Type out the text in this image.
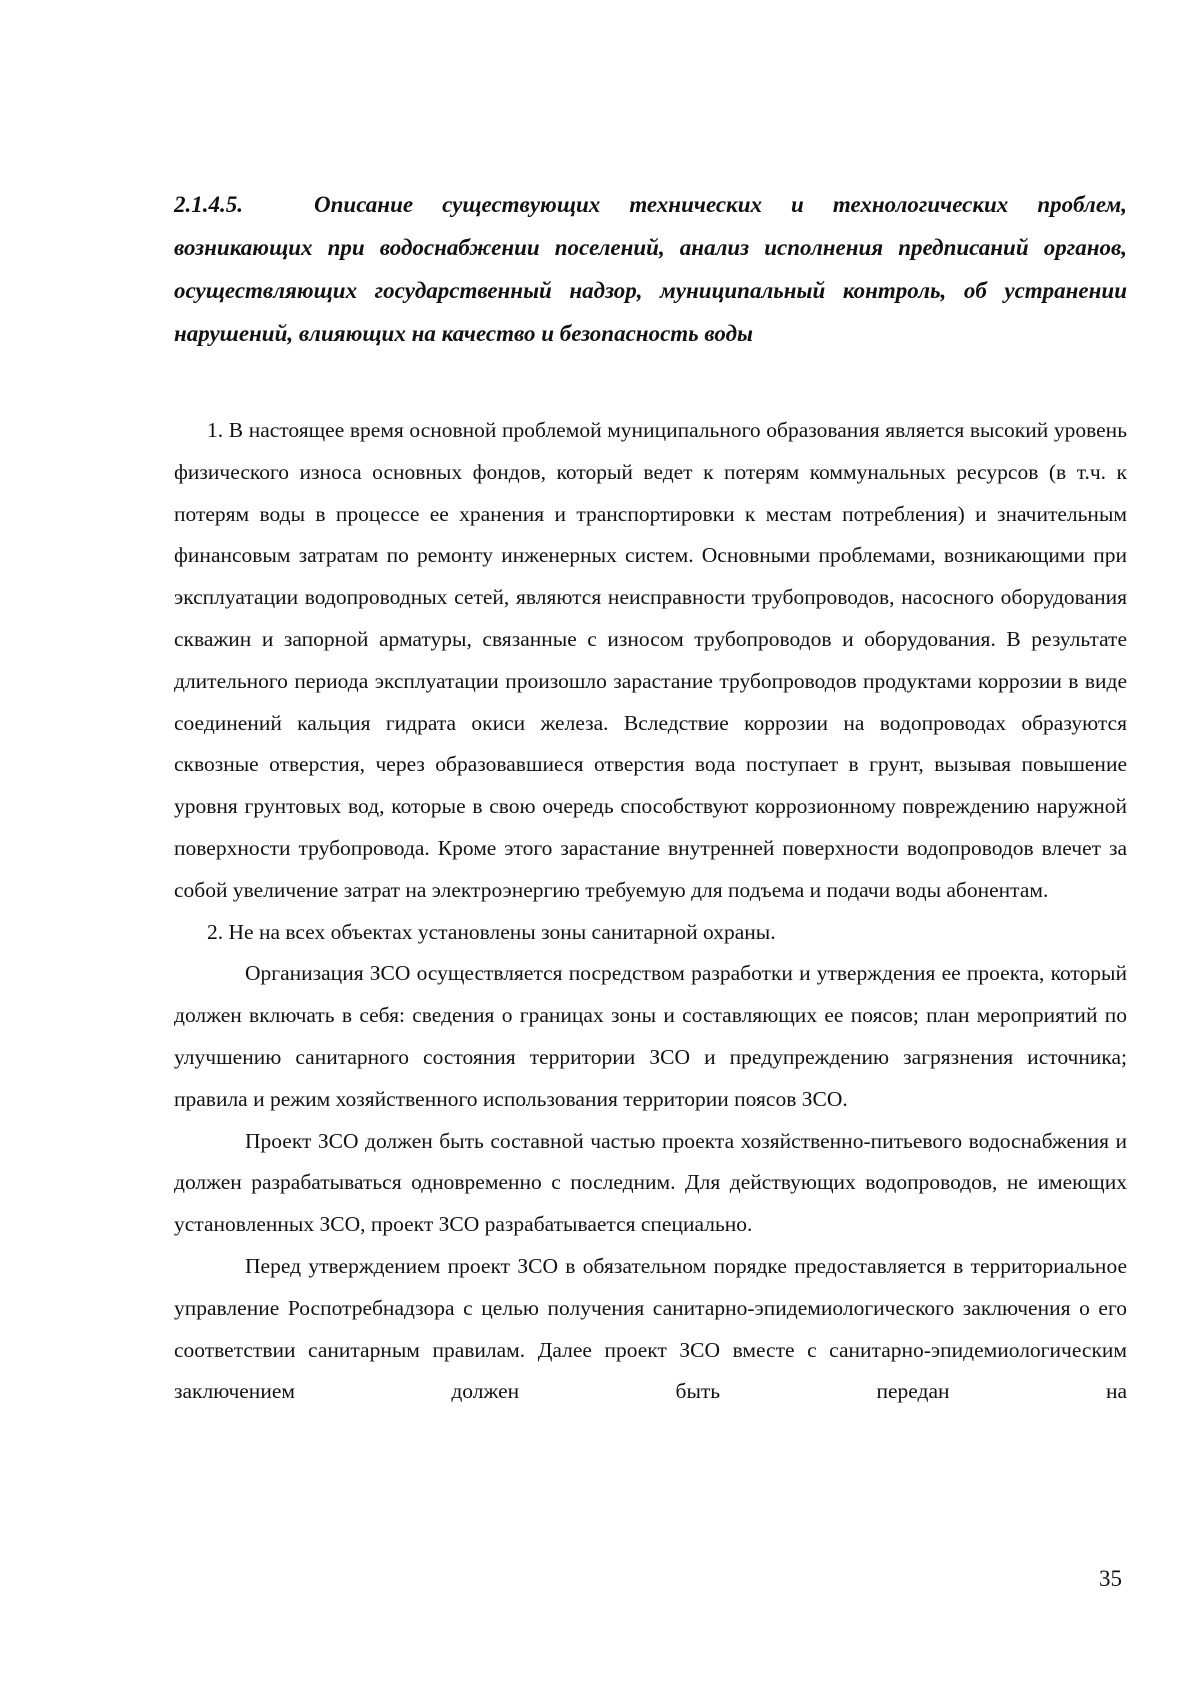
2.1.4.5.	Описание существующих технических и технологических проблем, возникающих при водоснабжении поселений, анализ исполнения предписаний органов, осуществляющих государственный надзор, муниципальный контроль, об устранении нарушений, влияющих на качество и безопасность воды

1. В настоящее время основной проблемой муниципального образования является высокий уровень физического износа основных фондов, который ведет к потерям коммунальных ресурсов (в т.ч. к потерям воды в процессе ее хранения и транспортировки к местам потребления) и значительным финансовым затратам по ремонту инженерных систем. Основными проблемами, возникающими при эксплуатации водопроводных сетей, являются неисправности трубопроводов, насосного оборудования скважин и запорной арматуры, связанные с износом трубопроводов и оборудования. В результате длительного периода эксплуатации произошло зарастание трубопроводов продуктами коррозии в виде соединений кальция гидрата окиси железа. Вследствие коррозии на водопроводах образуются сквозные отверстия, через образовавшиеся отверстия вода поступает в грунт, вызывая повышение уровня грунтовых вод, которые в свою очередь способствуют коррозионному повреждению наружной поверхности трубопровода. Кроме этого зарастание внутренней поверхности водопроводов влечет за собой увеличение затрат на электроэнергию требуемую для подъема и подачи воды абонентам.

2. Не на всех объектах установлены зоны санитарной охраны.

Организация ЗСО осуществляется посредством разработки и утверждения ее проекта, который должен включать в себя: сведения о границах зоны и составляющих ее поясов; план мероприятий по улучшению санитарного состояния территории ЗСО и предупреждению загрязнения источника; правила и режим хозяйственного использования территории поясов ЗСО.

Проект ЗСО должен быть составной частью проекта хозяйственно-питьевого водоснабжения и должен разрабатываться одновременно с последним. Для действующих водопроводов, не имеющих установленных ЗСО, проект ЗСО разрабатывается специально.

Перед утверждением проект ЗСО в обязательном порядке предоставляется в территориальное управление Роспотребнадзора с целью получения санитарно-эпидемиологического заключения о его соответствии санитарным правилам. Далее проект ЗСО вместе с санитарно-эпидемиологическим заключением должен быть передан на

35
